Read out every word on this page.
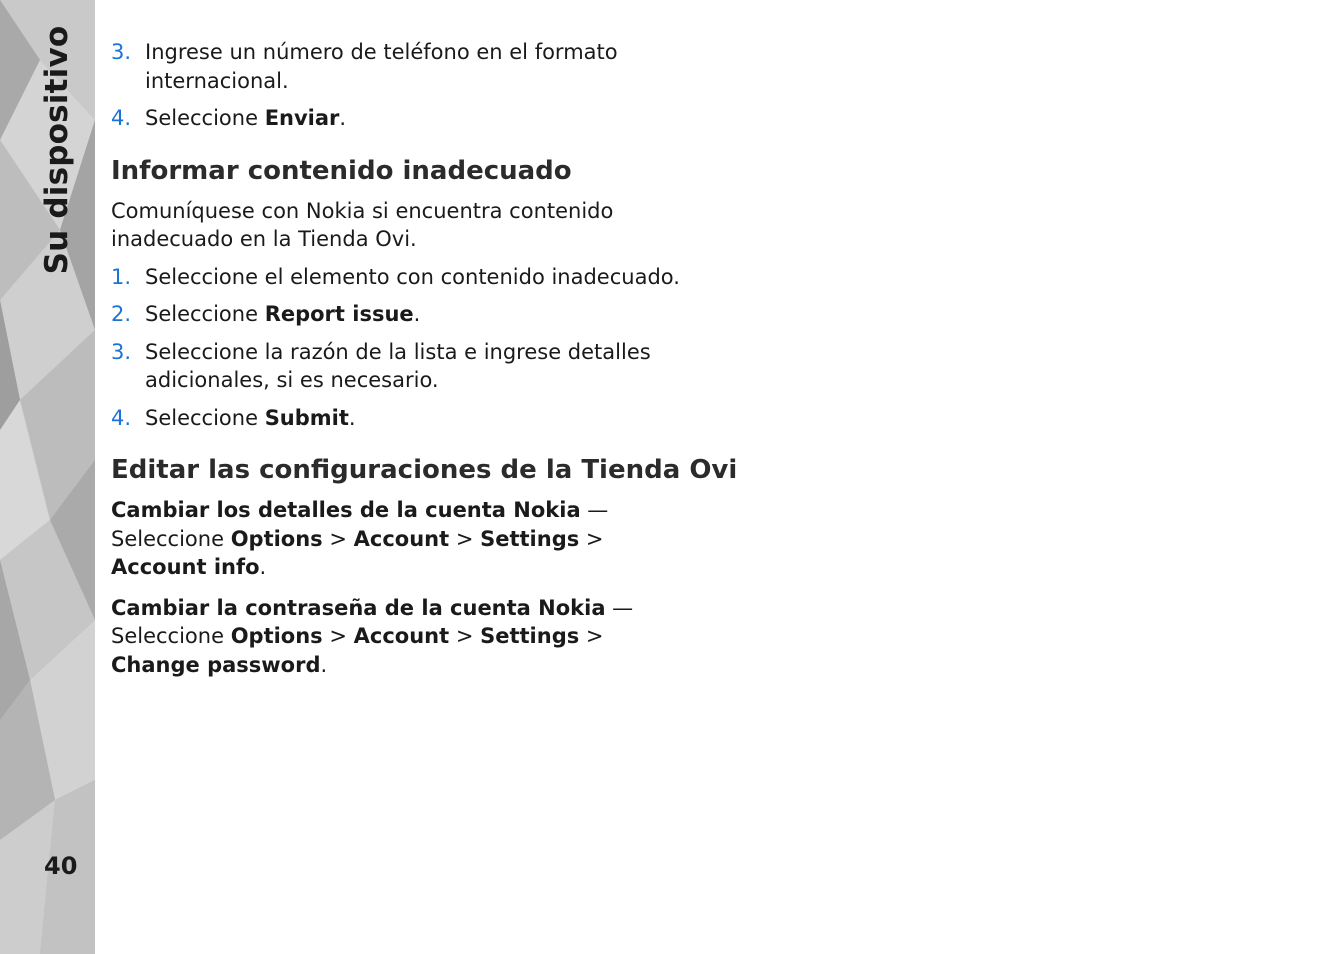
Su dispositivo
40
3. Ingrese un número de teléfono en el formato internacional.
4. Seleccione Enviar.
Informar contenido inadecuado
Comuníquese con Nokia si encuentra contenido inadecuado en la Tienda Ovi.
1. Seleccione el elemento con contenido inadecuado.
2. Seleccione Report issue.
3. Seleccione la razón de la lista e ingrese detalles adicionales, si es necesario.
4. Seleccione Submit.
Editar las configuraciones de la Tienda Ovi
Cambiar los detalles de la cuenta Nokia — Seleccione Options > Account > Settings > Account info.
Cambiar la contraseña de la cuenta Nokia — Seleccione Options > Account > Settings > Change password.
